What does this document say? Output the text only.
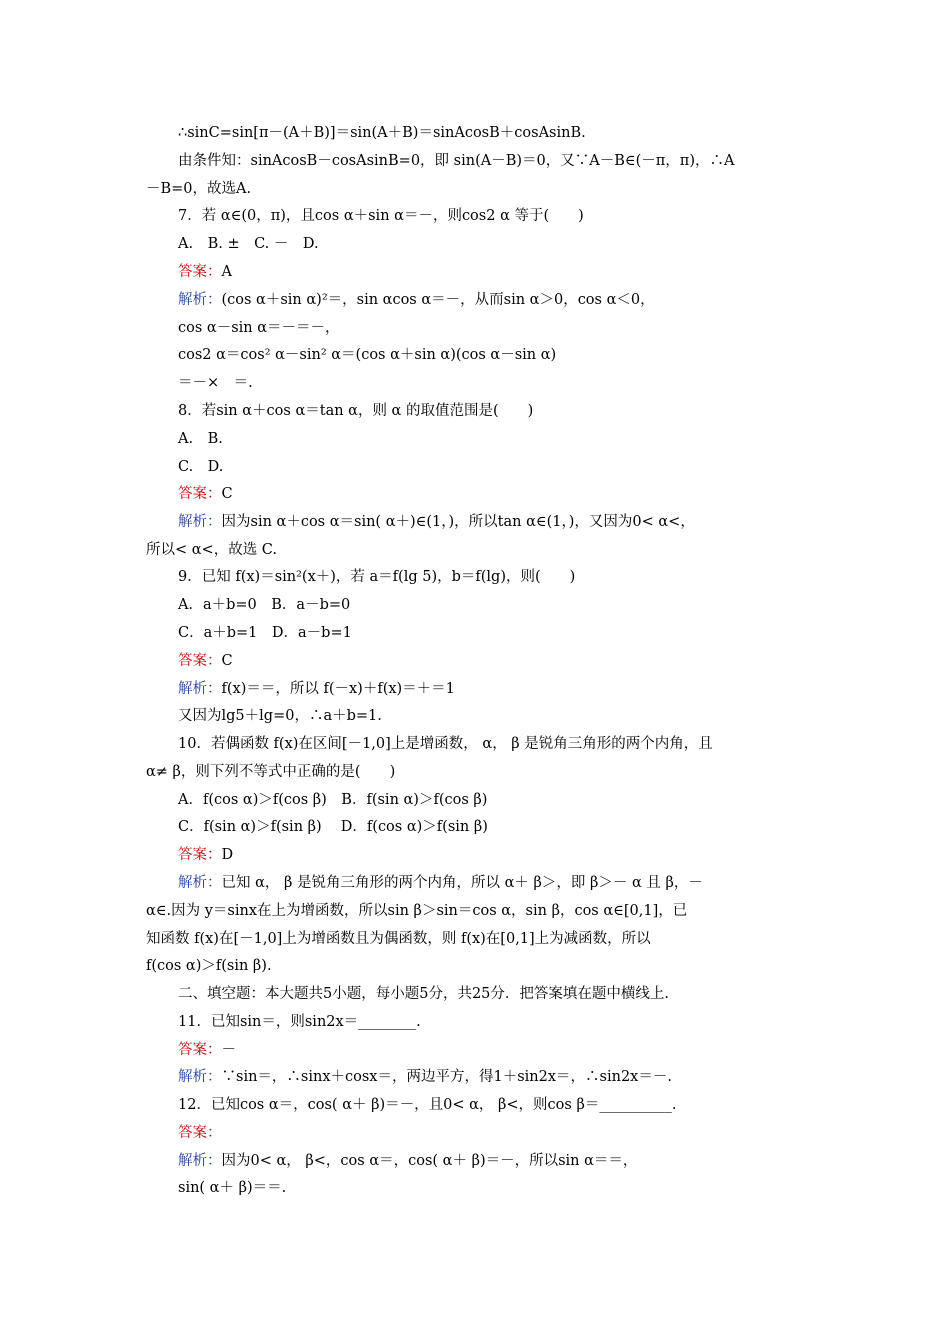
∴sinC=sin[π－(A＋B)]＝sin(A＋B)＝sinAcosB＋cosAsinB.
由条件知：sinAcosB－cosAsinB=0，即 sin(A－B)＝0，又∵A－B∈(－π，π)，∴A
－B=0，故选A.
7．若 α∈(0，π)，且cos α＋sin α＝－，则cos2 α 等于(　　)
A.　B. ±　C. －　D.
答案：A
解析：(cos α＋sin α)²＝，sin αcos α＝－，从而sin α＞0，cos α＜0，
cos α－sin α＝－＝－，
cos2 α＝cos² α－sin² α＝(cos α＋sin α)(cos α－sin α)
＝－×　＝.
8．若sin α＋cos α＝tan α，则 α 的取值范围是(　　)
A.　B.
C.　D.
答案：C
解析：因为sin α＋cos α＝sin( α＋)∈(1，)，所以tan α∈(1，)，又因为0< α<，
所以< α<，故选 C.
9．已知 f(x)＝sin²(x＋)，若 a＝f(lg 5)，b＝f(lg)，则(　　)
A．a＋b=0　B．a－b=0
C．a＋b=1　D．a－b=1
答案：C
解析：f(x)＝＝，所以 f(－x)＋f(x)＝＋＝1
又因为lg5＋lg=0，∴a＋b=1.
10．若偶函数 f(x)在区间[－1,0]上是增函数， α， β 是锐角三角形的两个内角，且
α≠ β，则下列不等式中正确的是(　　)
A．f(cos α)＞f(cos β)　B．f(sin α)＞f(cos β)
C．f(sin α)＞f(sin β)　 D．f(cos α)＞f(sin β)
答案：D
解析：已知 α， β 是锐角三角形的两个内角，所以 α＋ β＞，即 β＞－ α 且 β，－
α∈.因为 y＝sinx在上为增函数，所以sin β＞sin＝cos α，sin β，cos α∈[0,1]，已
知函数 f(x)在[－1,0]上为增函数且为偶函数，则 f(x)在[0,1]上为减函数，所以
f(cos α)＞f(sin β).
二、填空题：本大题共5小题，每小题5分，共25分．把答案填在题中横线上.
11．已知sin＝，则sin2x＝________.
答案：－
解析：∵sin＝，∴sinx＋cosx＝，两边平方，得1＋sin2x＝，∴sin2x＝－.
12．已知cos α＝，cos( α＋ β)＝－，且0< α， β<，则cos β＝__________.
答案：
解析：因为0< α， β<，cos α＝，cos( α＋ β)＝－，所以sin α＝＝，
sin( α＋ β)＝＝.
